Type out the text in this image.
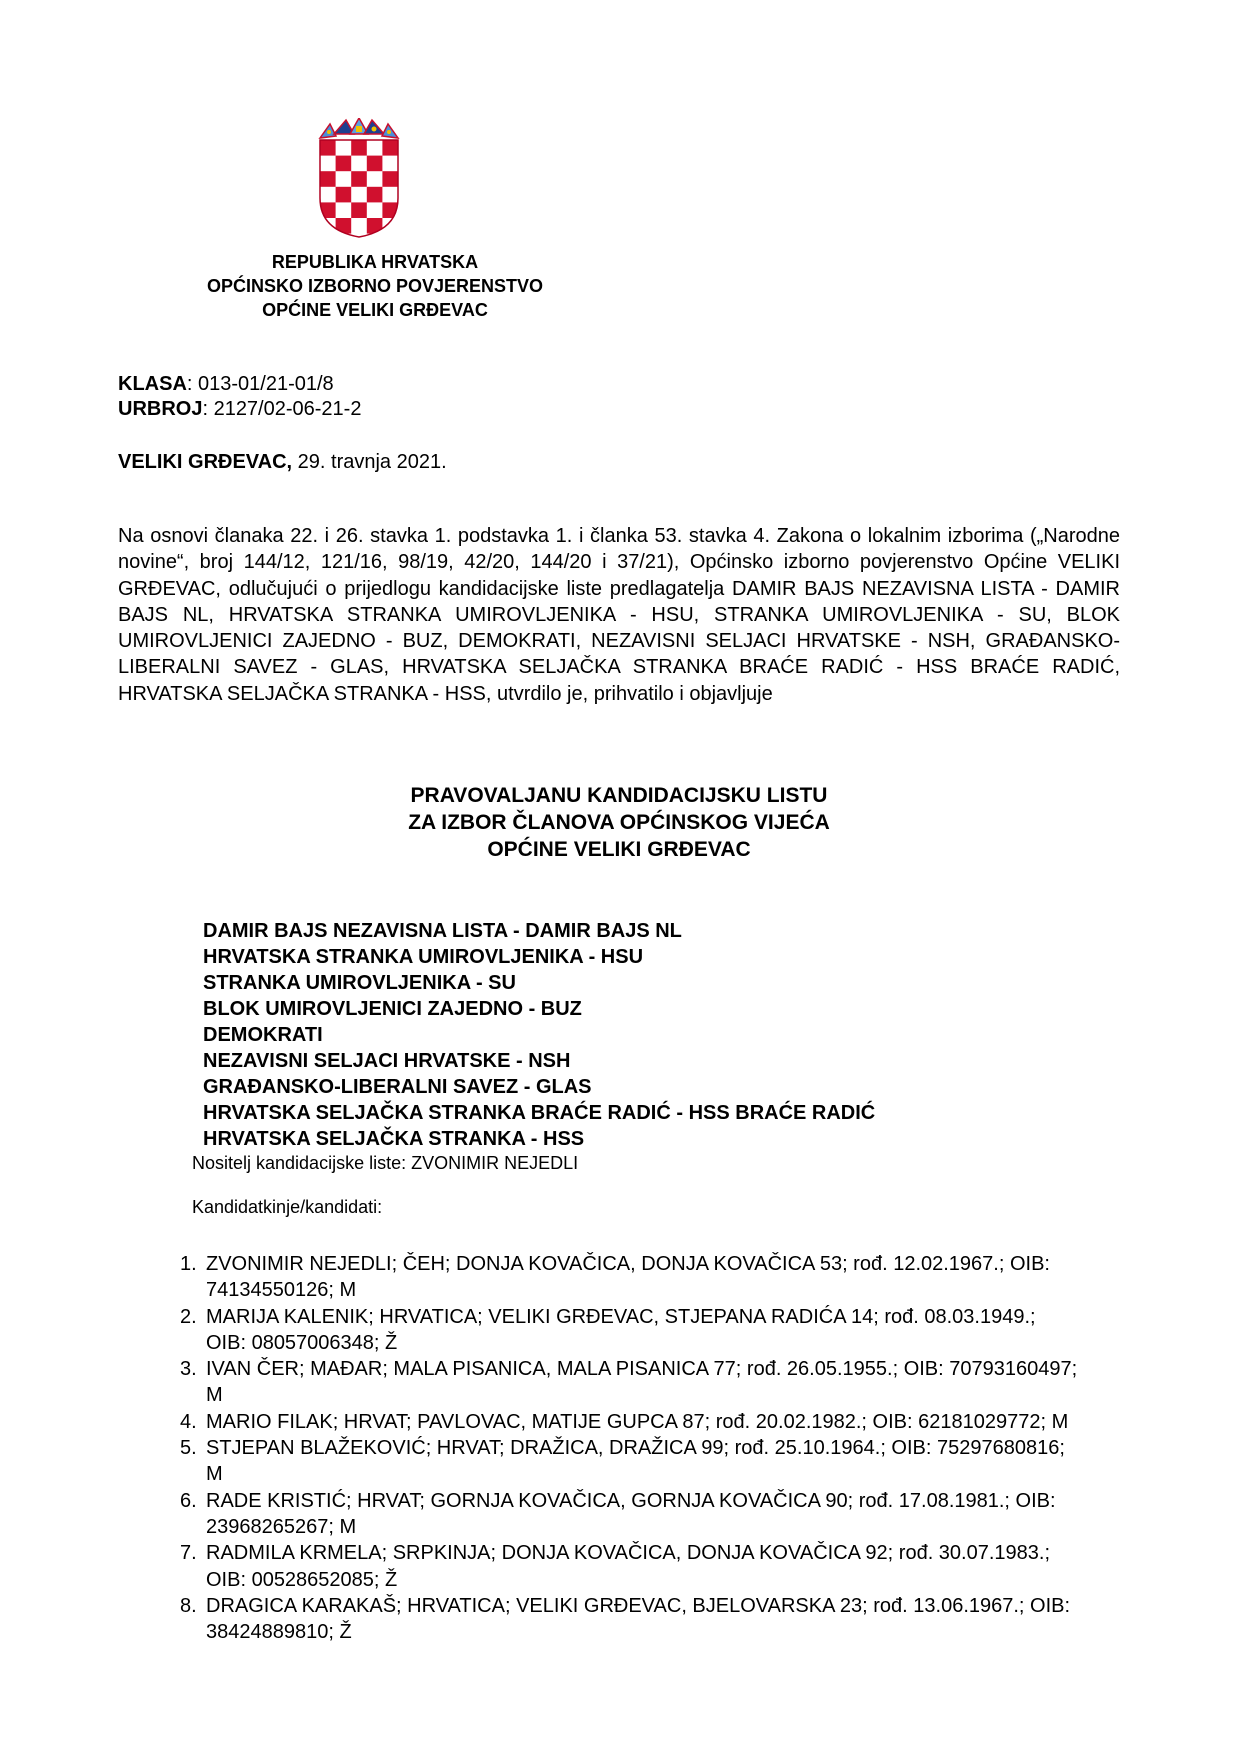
REPUBLIKA HRVATSKA
OPĆINSKO IZBORNO POVJERENSTVO
OPĆINE VELIKI GRĐEVAC
KLASA: 013-01/21-01/8
URBROJ: 2127/02-06-21-2
VELIKI GRĐEVAC, 29. travnja 2021.
Na osnovi članaka 22. i 26. stavka 1. podstavka 1. i članka 53. stavka 4. Zakona o lokalnim izborima („Narodne novine“, broj 144/12, 121/16, 98/19, 42/20, 144/20 i 37/21), Općinsko izborno povjerenstvo Općine VELIKI GRĐEVAC, odlučujući o prijedlogu kandidacijske liste predlagatelja DAMIR BAJS NEZAVISNA LISTA - DAMIR BAJS NL, HRVATSKA STRANKA UMIROVLJENIKA - HSU, STRANKA UMIROVLJENIKA - SU, BLOK UMIROVLJENICI ZAJEDNO - BUZ, DEMOKRATI, NEZAVISNI SELJACI HRVATSKE - NSH, GRAĐANSKO-LIBERALNI SAVEZ - GLAS, HRVATSKA SELJAČKA STRANKA BRAĆE RADIĆ - HSS BRAĆE RADIĆ, HRVATSKA SELJAČKA STRANKA - HSS, utvrdilo je, prihvatilo i objavljuje
PRAVOVALJANU KANDIDACIJSKU LISTU
ZA IZBOR ČLANOVA OPĆINSKOG VIJEĆA
OPĆINE VELIKI GRĐEVAC
DAMIR BAJS NEZAVISNA LISTA - DAMIR BAJS NL
HRVATSKA STRANKA UMIROVLJENIKA - HSU
STRANKA UMIROVLJENIKA - SU
BLOK UMIROVLJENICI ZAJEDNO - BUZ
DEMOKRATI
NEZAVISNI SELJACI HRVATSKE - NSH
GRAĐANSKO-LIBERALNI SAVEZ - GLAS
HRVATSKA SELJAČKA STRANKA BRAĆE RADIĆ - HSS BRAĆE RADIĆ
HRVATSKA SELJAČKA STRANKA - HSS
Nositelj kandidacijske liste: ZVONIMIR NEJEDLI
Kandidatkinje/kandidati:
1. ZVONIMIR NEJEDLI; ČEH; DONJA KOVAČICA, DONJA KOVAČICA 53; rođ. 12.02.1967.; OIB: 74134550126; M
2. MARIJA KALENIK; HRVATICA; VELIKI GRĐEVAC, STJEPANA RADIĆA 14; rođ. 08.03.1949.; OIB: 08057006348; Ž
3. IVAN ČER; MAĐAR; MALA PISANICA, MALA PISANICA 77; rođ. 26.05.1955.; OIB: 70793160497; M
4. MARIO FILAK; HRVAT; PAVLOVAC, MATIJE GUPCA 87; rođ. 20.02.1982.; OIB: 62181029772; M
5. STJEPAN BLAŽEKOVIĆ; HRVAT; DRAŽICA, DRAŽICA 99; rođ. 25.10.1964.; OIB: 75297680816; M
6. RADE KRISTIĆ; HRVAT; GORNJA KOVAČICA, GORNJA KOVAČICA 90; rođ. 17.08.1981.; OIB: 23968265267; M
7. RADMILA KRMELA; SRPKINJA; DONJA KOVAČICA, DONJA KOVAČICA 92; rođ. 30.07.1983.; OIB: 00528652085; Ž
8. DRAGICA KARAKAŠ; HRVATICA; VELIKI GRĐEVAC, BJELOVARSKA 23; rođ. 13.06.1967.; OIB: 38424889810; Ž
